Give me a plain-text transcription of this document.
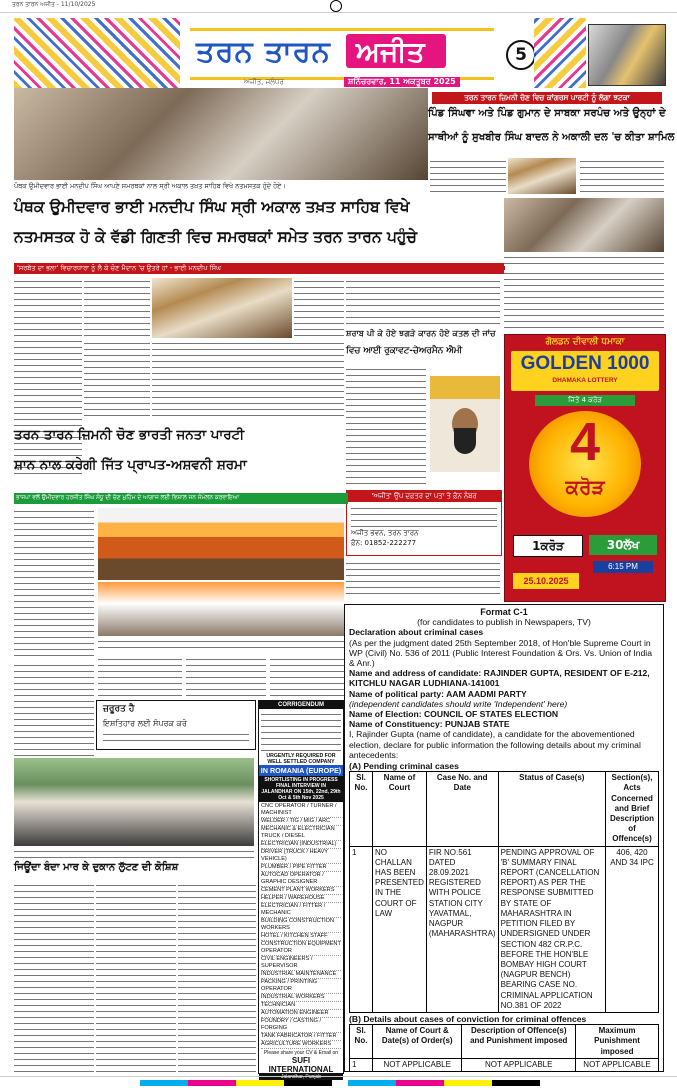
ਤਰਨ ਤਾਰਨ ਅਜੀਤ - 11/10/2025
ਤਰਨ ਤਾਰਨ ਅਜੀਤ
ਅਜੀਤ, ਜਲੰਧਰ	ਸ਼ਨਿੱਚਰਵਾਰ, 11 ਅਕਤੂਬਰ 2025
5
ਪੰਥਕ ਉਮੀਦਵਾਰ ਭਾਈ ਮਨਦੀਪ ਸਿੰਘ ਆਪਣੇ ਸਮਰਥਕਾਂ ਨਾਲ ਸ੍ਰੀ ਅਕਾਲ ਤਖ਼ਤ ਸਾਹਿਬ ਵਿਖੇ ਨਤਮਸਤਕ ਹੁੰਦੇ ਹੋਏ।
ਤਰਨ ਤਾਰਨ ਜ਼ਿਮਨੀ ਚੋਣ ਵਿਚ ਕਾਂਗਰਸ ਪਾਰਟੀ ਨੂੰ ਲੱਗਾ ਝਟਕਾ
ਪਿੰਡ ਸਿੰਘਵਾ ਅਤੇ ਪਿੰਡ ਗੁਮਾਨ ਦੇ ਸਾਬਕਾ ਸਰਪੰਚ ਅਤੇ ਉਨ੍ਹਾਂ ਦੇ
ਸਾਥੀਆਂ ਨੂੰ ਸੁਖਬੀਰ ਸਿੰਘ ਬਾਦਲ ਨੇ ਅਕਾਲੀ ਦਲ 'ਚ ਕੀਤਾ ਸ਼ਾਮਿਲ
ਪੰਥਕ ਉਮੀਦਵਾਰ ਭਾਈ ਮਨਦੀਪ ਸਿੰਘ ਸ੍ਰੀ ਅਕਾਲ ਤਖ਼ਤ ਸਾਹਿਬ ਵਿਖੇ
ਨਤਮਸਤਕ ਹੋ ਕੇ ਵੱਡੀ ਗਿਣਤੀ ਵਿਚ ਸਮਰਥਕਾਂ ਸਮੇਤ ਤਰਨ ਤਾਰਨ ਪਹੁੰਚੇ
'ਸਰਬੱਤ ਦਾ ਭਲਾ' ਵਿਚਾਰਧਾਰਾ ਨੂੰ ਲੈ ਕੇ ਚੋਣ ਮੈਦਾਨ 'ਚ ਉਤਰੇ ਹਾਂ - ਭਾਈ ਮਨਦੀਪ ਸਿੰਘ
ਸ਼ਰਾਬ ਪੀ ਕੇ ਹੋਏ ਝਗੜੇ ਕਾਰਨ ਹੋਏ ਕਤਲ ਦੀ ਜਾਂਚ
ਵਿਚ ਆਈ ਰੁਕਾਵਟ-ਚੇਅਰਮੈਨ ਐਮੀ
'ਅਜੀਤ' ਉਪ ਦਫ਼ਤਰ ਦਾ ਪਤਾ ਤੇ ਫ਼ੋਨ ਨੰਬਰ
ਅਜੀਤ ਭਵਨ, ਤਰਨ ਤਾਰਨ
ਫ਼ੋਨ: 01852-222277
ਤਰਨ ਤਾਰਨ ਜ਼ਿਮਨੀ ਚੋਣ ਭਾਰਤੀ ਜਨਤਾ ਪਾਰਟੀ
ਸ਼ਾਨ ਨਾਲ ਕਰੇਗੀ ਜਿੱਤ ਪ੍ਰਾਪਤ-ਅਸ਼ਵਨੀ ਸ਼ਰਮਾ
ਭਾਜਪਾ ਵਲੋਂ ਉਮੀਦਵਾਰ ਹਰਜੀਤ ਸਿੰਘ ਸੰਧੂ ਦੀ ਚੋਣ ਮੁਹਿੰਮ ਦੇ ਆਗਾਜ਼ ਲਈ ਵਿਸ਼ਾਲ ਜਨ ਸੰਮੇਲਨ ਕਰਵਾਇਆ
ਗੋਲਡਨ ਦੀਵਾਲੀ ਧਮਾਕਾ
GOLDEN 1000
DHAMAKA LOTTERY
ਜਿੱਤੋ 4 ਕਰੋੜ
4
ਕਰੋੜ
1ਕਰੋੜ	30ਲੱਖ
25.10.2025
6:15 PM
ਜ਼ਰੂਰਤ ਹੈ
ਇਸ਼ਤਿਹਾਰ ਲਈ ਸੰਪਰਕ ਕਰੋ
ਜਿਊਂਦਾ ਬੰਦਾ ਮਾਰ ਕੇ ਦੁਕਾਨ ਲੁੱਟਣ ਦੀ ਕੋਸ਼ਿਸ਼
CORRIGENDUM
URGENTLY REQUIRED FOR WELL SETTLED COMPANY
IN ROMANIA (EUROPE)
SHORTLISTING IN PROGRESS FINAL INTERVIEW IN JALANDHAR ON 15th, 22nd, 29th Oct & 5th Nov 2025
CNC OPERATOR / TURNER / MACHINIST
WELDER / TIG / MIG / ARC
MECHANIC & ELECTRICIAN TRUCK / DIESEL
ELECTRICIAN (INDUSTRIAL)
DRIVER (TRUCK / HEAVY VEHICLE)
PLUMBER / PIPE FITTER
AUTOCAD OPERATOR / GRAPHIC DESIGNER
CEMENT PLANT WORKERS
HELPER / WAREHOUSE
ELECTRICIAN / FITTER / MECHANIC
BUILDING CONSTRUCTION WORKERS
HOTEL / KITCHEN STAFF
CONSTRUCTION EQUIPMENT OPERATOR
CIVIL ENGINEERS / SUPERVISOR
INDUSTRIAL MAINTENANCE
PACKING / PRINTING OPERATOR
INDUSTRIAL WORKERS
TECHNICIAN
AUTOMATION ENGINEER
FOUNDRY / CASTING / FORGING
TANK FABRICATOR / FITTER
AGRICULTURE WORKERS
Please share your CV & Email on
SUFI INTERNATIONAL
Jalandhar, Punjab
Format C-1
(for candidates to publish in Newspapers, TV)
Declaration about criminal cases
(As per the judgment dated 25th September 2018, of Hon'ble Supreme Court in WP (Civil) No. 536 of 2011 (Public Interest Foundation & Ors. Vs. Union of India & Anr.)
Name and address of candidate: RAJINDER GUPTA, RESIDENT OF E-212,
KITCHLU NAGAR LUDHIANA-141001
Name of political party: AAM AADMI PARTY
(independent candidates should write 'Independent' here)
Name of Election: COUNCIL OF STATES ELECTION
Name of Constituency: PUNJAB STATE
I, Rajinder Gupta (name of candidate), a candidate for the abovementioned election, declare for public information the following details about my criminal antecedents:
(A) Pending criminal cases
Sl. No.	Name of Court	Case No. and Date	Status of Case(s)	Section(s), Acts Concerned and Brief Description of Offence(s)
1	NO CHALLAN HAS BEEN PRESENTED IN THE COURT OF LAW	FIR NO.561 DATED 28.09.2021 REGISTERED WITH POLICE STATION CITY YAVATMAL, NAGPUR (MAHARASHTRA)	PENDING APPROVAL OF 'B' SUMMARY FINAL REPORT (CANCELLATION REPORT) AS PER THE RESPONSE SUBMITTED BY STATE OF MAHARASHTRA IN PETITION FILED BY UNDERSIGNED UNDER SECTION 482 CR.P.C. BEFORE THE HON'BLE BOMBAY HIGH COURT (NAGPUR BENCH) BEARING CASE NO. CRIMINAL APPLICATION NO.381 OF 2022	406, 420 AND 34 IPC
(B) Details about cases of conviction for criminal offences
Sl. No.	Name of Court & Date(s) of Order(s)	Description of Offence(s) and Punishment imposed	Maximum Punishment imposed
1	NOT APPLICABLE	NOT APPLICABLE	NOT APPLICABLE
